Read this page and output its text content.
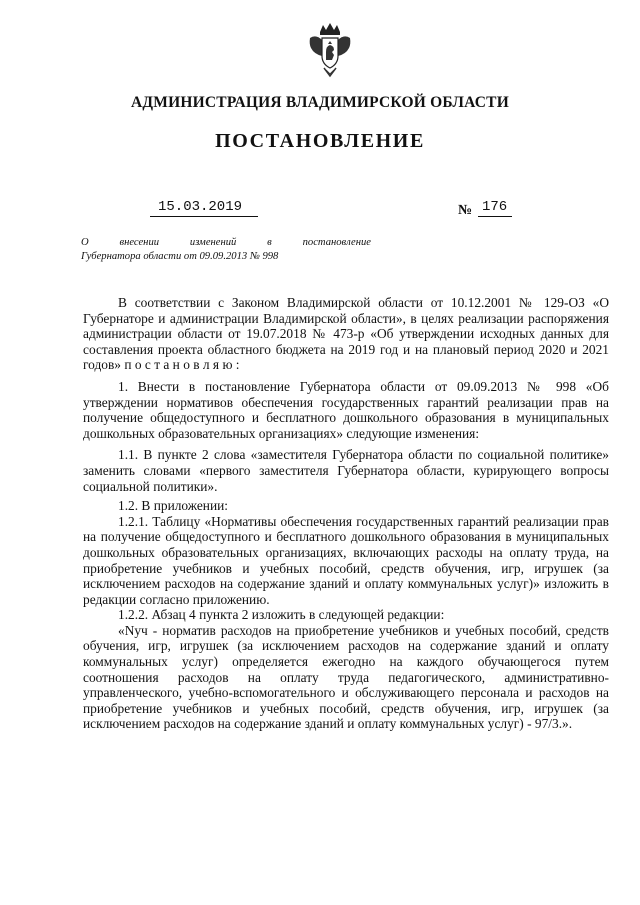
АДМИНИСТРАЦИЯ ВЛАДИМИРСКОЙ ОБЛАСТИ
ПОСТАНОВЛЕНИЕ
15.03.2019	№ 176
О внесении изменений в постановление
Губернатора области от 09.09.2013 № 998

В соответствии с Законом Владимирской области от 10.12.2001 № 129-ОЗ «О Губернаторе и администрации Владимирской области», в целях реализации распоряжения администрации области от 19.07.2018 № 473-р «Об утверждении исходных данных для составления проекта областного бюджета на 2019 год и на плановый период 2020 и 2021 годов» п о с т а н о в л я ю :

1. Внести в постановление Губернатора области от 09.09.2013 № 998 «Об утверждении нормативов обеспечения государственных гарантий реализации прав на получение общедоступного и бесплатного дошкольного образования в муниципальных дошкольных образовательных организациях» следующие изменения:

1.1. В пункте 2 слова «заместителя Губернатора области по социальной политике» заменить словами «первого заместителя Губернатора области, курирующего вопросы социальной политики».

1.2. В приложении:

1.2.1. Таблицу «Нормативы обеспечения государственных гарантий реализации прав на получение общедоступного и бесплатного дошкольного образования в муниципальных дошкольных образовательных организациях, включающих расходы на оплату труда, на приобретение учебников и учебных пособий, средств обучения, игр, игрушек (за исключением расходов на содержание зданий и оплату коммунальных услуг)» изложить в редакции согласно приложению.

1.2.2. Абзац 4 пункта 2 изложить в следующей редакции:

«Nуч - норматив расходов на приобретение учебников и учебных пособий, средств обучения, игр, игрушек (за исключением расходов на содержание зданий и оплату коммунальных услуг) определяется ежегодно на каждого обучающегося путем соотношения расходов на оплату труда педагогического, административно-управленческого, учебно-вспомогательного и обслуживающего персонала и расходов на приобретение учебников и учебных пособий, средств обучения, игр, игрушек (за исключением расходов на содержание зданий и оплату коммунальных услуг) - 97/3.».
